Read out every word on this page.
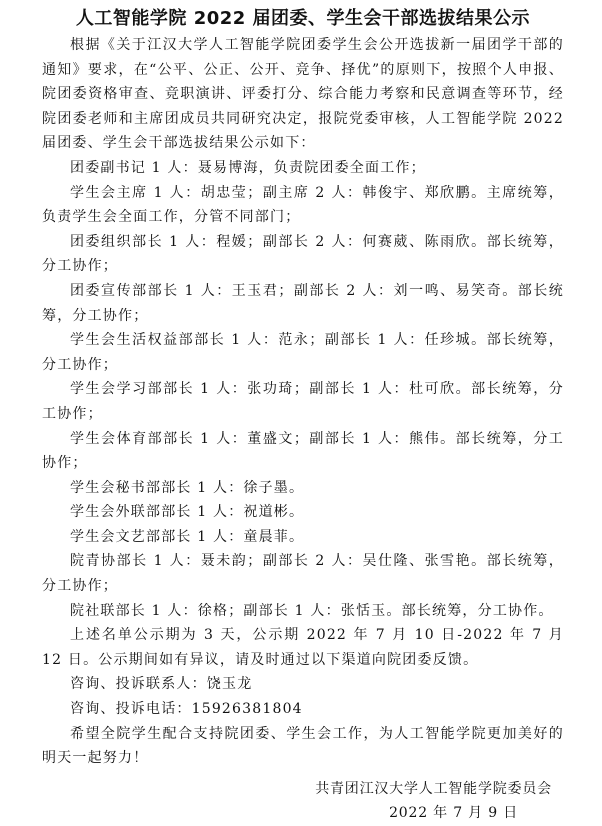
人工智能学院 2022 届团委、学生会干部选拔结果公示

根据《关于江汉大学人工智能学院团委学生会公开选拔新一届团学干部的通知》要求，在“公平、公正、公开、竞争、择优”的原则下，按照个人申报、院团委资格审查、竞职演讲、评委打分、综合能力考察和民意调查等环节，经院团委老师和主席团成员共同研究决定，报院党委审核，人工智能学院 2022 届团委、学生会干部选拔结果公示如下：

团委副书记 1 人：聂易博海，负责院团委全面工作；

学生会主席 1 人：胡忠莹；副主席 2 人：韩俊宇、郑欣鹏。主席统筹，负责学生会全面工作，分管不同部门；

团委组织部长 1 人：程媛；副部长 2 人：何赛葳、陈雨欣。部长统筹，分工协作；

团委宣传部部长 1 人：王玉君；副部长 2 人：刘一鸣、易笑奇。部长统筹，分工协作；

学生会生活权益部部长 1 人：范永；副部长 1 人：任珍城。部长统筹，分工协作；

学生会学习部部长 1 人：张功琦；副部长 1 人：杜可欣。部长统筹，分工协作；

学生会体育部部长 1 人：董盛文；副部长 1 人：熊伟。部长统筹，分工协作；

学生会秘书部部长 1 人：徐子墨。

学生会外联部部长 1 人：祝道彬。

学生会文艺部部长 1 人：童晨菲。

院青协部长 1 人：聂未韵；副部长 2 人：吴仕隆、张雪艳。部长统筹，分工协作；

院社联部长 1 人：徐格；副部长 1 人：张恬玉。部长统筹，分工协作。

上述名单公示期为 3 天，公示期 2022 年 7 月 10 日-2022 年 7 月 12 日。公示期间如有异议，请及时通过以下渠道向院团委反馈。

咨询、投诉联系人：饶玉龙

咨询、投诉电话：15926381804

希望全院学生配合支持院团委、学生会工作，为人工智能学院更加美好的明天一起努力！

共青团江汉大学人工智能学院委员会

2022 年 7 月 9 日
